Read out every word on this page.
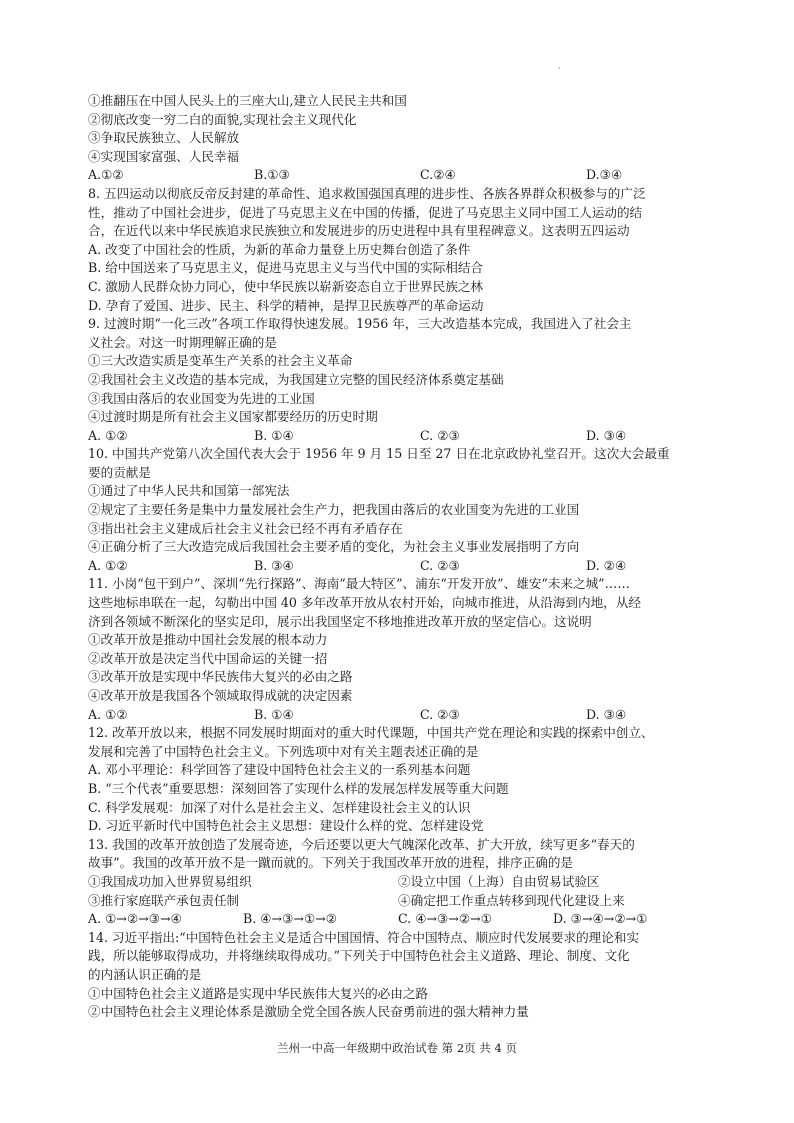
·
①推翻压在中国人民头上的三座大山,建立人民民主共和国
②彻底改变一穷二白的面貌,实现社会主义现代化
③争取民族独立、人民解放
④实现国家富强、人民幸福
A.①②	B.①③	C.②④	D.③④
8. 五四运动以彻底反帝反封建的革命性、追求救国强国真理的进步性、各族各界群众积极参与的广泛
性，推动了中国社会进步，促进了马克思主义在中国的传播，促进了马克思主义同中国工人运动的结
合，在近代以来中华民族追求民族独立和发展进步的历史进程中具有里程碑意义。这表明五四运动
A. 改变了中国社会的性质，为新的革命力量登上历史舞台创造了条件
B. 给中国送来了马克思主义，促进马克思主义与当代中国的实际相结合
C. 激励人民群众协力同心，使中华民族以崭新姿态自立于世界民族之林
D. 孕育了爱国、进步、民主、科学的精神，是捍卫民族尊严的革命运动
9. 过渡时期“一化三改”各项工作取得快速发展。1956 年，三大改造基本完成，我国进入了社会主
义社会。对这一时期理解正确的是
①三大改造实质是变革生产关系的社会主义革命
②我国社会主义改造的基本完成，为我国建立完整的国民经济体系奠定基础
③我国由落后的农业国变为先进的工业国
④过渡时期是所有社会主义国家都要经历的历史时期
A. ①②	B. ①④	C. ②③	D. ③④
10. 中国共产党第八次全国代表大会于 1956 年 9 月 15 日至 27 日在北京政协礼堂召开。这次大会最重
要的贡献是
①通过了中华人民共和国第一部宪法
②规定了主要任务是集中力量发展社会生产力，把我国由落后的农业国变为先进的工业国
③指出社会主义建成后社会主义社会已经不再有矛盾存在
④正确分析了三大改造完成后我国社会主要矛盾的变化，为社会主义事业发展指明了方向
A. ①②	B. ③④	C. ②③	D. ②④
11. 小岗“包干到户”、深圳“先行探路”、海南“最大特区”、浦东“开发开放”、雄安“未来之城”……
这些地标串联在一起，勾勒出中国 40 多年改革开放从农村开始，向城市推进，从沿海到内地，从经
济到各领域不断深化的坚实足印，展示出我国坚定不移地推进改革开放的坚定信心。这说明
①改革开放是推动中国社会发展的根本动力
②改革开放是决定当代中国命运的关键一招
③改革开放是实现中华民族伟大复兴的必由之路
④改革开放是我国各个领域取得成就的决定因素
A. ①②	B. ①④	C. ②③	D. ③④
12. 改革开放以来，根据不同发展时期面对的重大时代课题，中国共产党在理论和实践的探索中创立、
发展和完善了中国特色社会主义。下列选项中对有关主题表述正确的是
A. 邓小平理论：科学回答了建设中国特色社会主义的一系列基本问题
B. “三个代表”重要思想：深刻回答了实现什么样的发展怎样发展等重大问题
C. 科学发展观：加深了对什么是社会主义、怎样建设社会主义的认识
D. 习近平新时代中国特色社会主义思想：建设什么样的党、怎样建设党
13. 我国的改革开放创造了发展奇迹，今后还要以更大气魄深化改革、扩大开放，续写更多“春天的
故事”。我国的改革开放不是一蹴而就的。下列关于我国改革开放的进程，排序正确的是
①我国成功加入世界贸易组织	②设立中国（上海）自由贸易试验区
③推行家庭联产承包责任制	④确定把工作重点转移到现代化建设上来
A. ①→②→③→④	B. ④→③→①→②	C. ④→③→②→①	D. ③→④→②→①
14. 习近平指出:“中国特色社会主义是适合中国国情、符合中国特点、顺应时代发展要求的理论和实
践，所以能够取得成功，并将继续取得成功。”下列关于中国特色社会主义道路、理论、制度、文化
的内涵认识正确的是
①中国特色社会主义道路是实现中华民族伟大复兴的必由之路
②中国特色社会主义理论体系是激励全党全国各族人民奋勇前进的强大精神力量
兰州一中高一年级期中政治试卷 第 2页 共 4 页
